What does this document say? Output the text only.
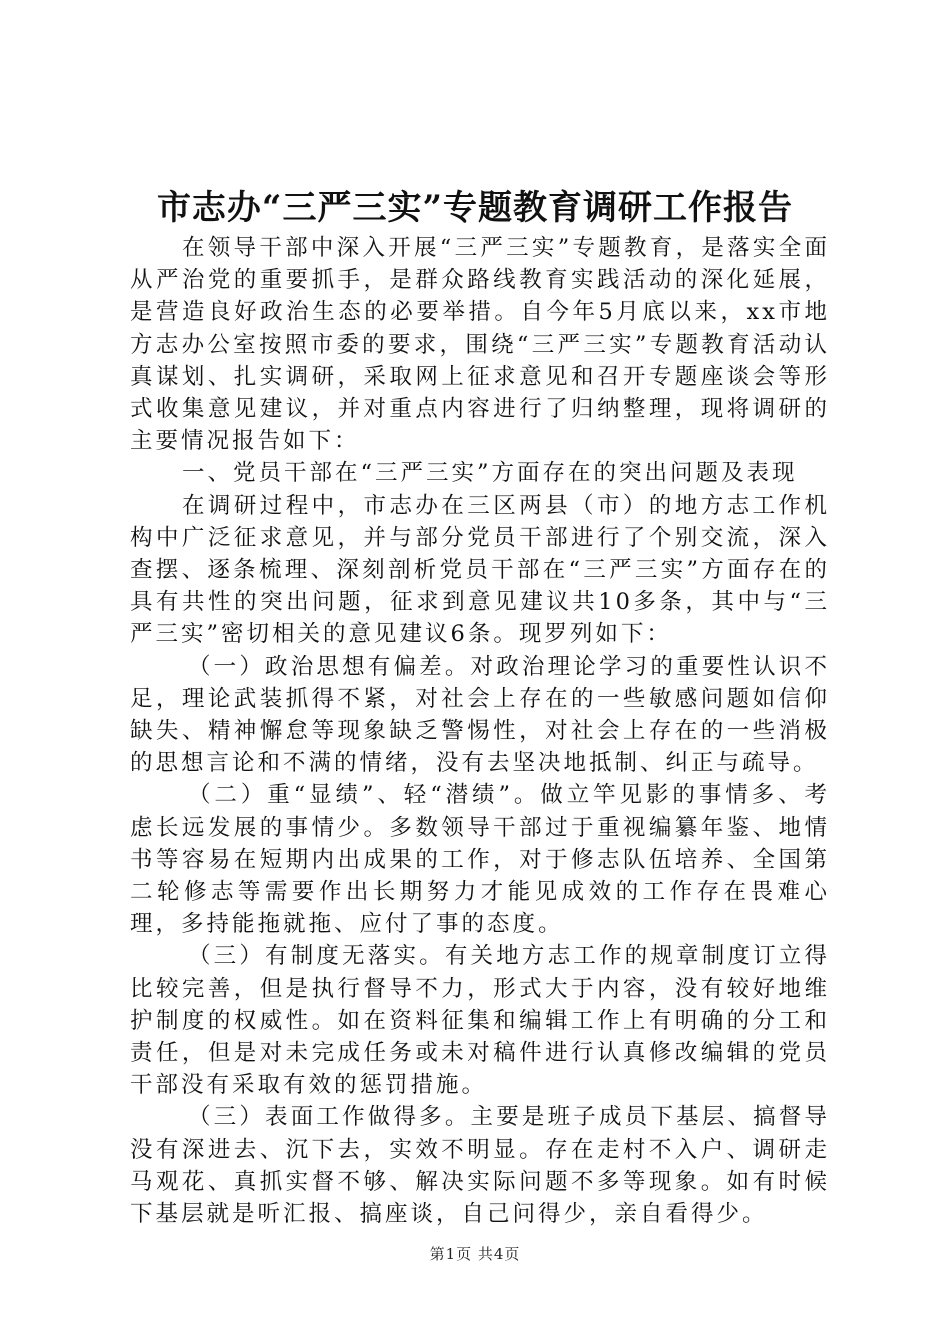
市志办“三严三实”专题教育调研工作报告

在领导干部中深入开展“三严三实”专题教育，是落实全面从严治党的重要抓手，是群众路线教育实践活动的深化延展，是营造良好政治生态的必要举措。自今年5月底以来，xx市地方志办公室按照市委的要求，围绕“三严三实”专题教育活动认真谋划、扎实调研，采取网上征求意见和召开专题座谈会等形式收集意见建议，并对重点内容进行了归纳整理，现将调研的主要情况报告如下：

一、党员干部在“三严三实”方面存在的突出问题及表现

在调研过程中，市志办在三区两县（市）的地方志工作机构中广泛征求意见，并与部分党员干部进行了个别交流，深入查摆、逐条梳理、深刻剖析党员干部在“三严三实”方面存在的具有共性的突出问题，征求到意见建议共10多条，其中与“三严三实”密切相关的意见建议6条。现罗列如下：

（一）政治思想有偏差。对政治理论学习的重要性认识不足，理论武装抓得不紧，对社会上存在的一些敏感问题如信仰缺失、精神懈怠等现象缺乏警惕性，对社会上存在的一些消极的思想言论和不满的情绪，没有去坚决地抵制、纠正与疏导。

（二）重“显绩”、轻“潜绩”。做立竿见影的事情多、考虑长远发展的事情少。多数领导干部过于重视编纂年鉴、地情书等容易在短期内出成果的工作，对于修志队伍培养、全国第二轮修志等需要作出长期努力才能见成效的工作存在畏难心理，多持能拖就拖、应付了事的态度。

（三）有制度无落实。有关地方志工作的规章制度订立得比较完善，但是执行督导不力，形式大于内容，没有较好地维护制度的权威性。如在资料征集和编辑工作上有明确的分工和责任，但是对未完成任务或未对稿件进行认真修改编辑的党员干部没有采取有效的惩罚措施。

（三）表面工作做得多。主要是班子成员下基层、搞督导没有深进去、沉下去，实效不明显。存在走村不入户、调研走马观花、真抓实督不够、解决实际问题不多等现象。如有时候下基层就是听汇报、搞座谈，自己问得少，亲自看得少。

第1页 共4页
